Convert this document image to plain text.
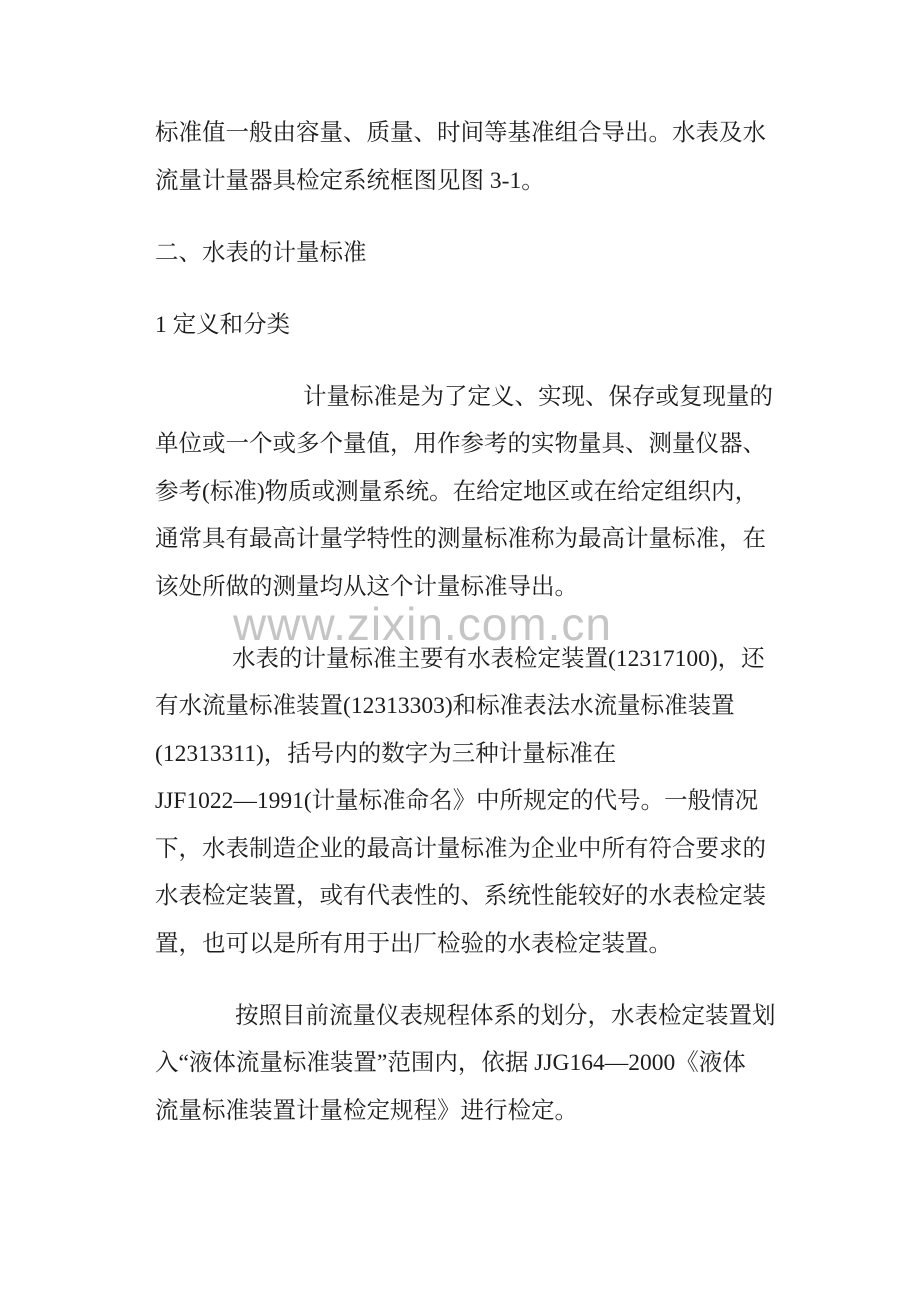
www.zixin.com.cn
标准值一般由容量、质量、时间等基准组合导出。水表及水
流量计量器具检定系统框图见图 3-1。
二、水表的计量标准
1 定义和分类
计量标准是为了定义、实现、保存或复现量的
单位或一个或多个量值，用作参考的实物量具、测量仪器、
参考(标准)物质或测量系统。在给定地区或在给定组织内，
通常具有最高计量学特性的测量标准称为最高计量标准，在
该处所做的测量均从这个计量标准导出。
水表的计量标准主要有水表检定装置(12317100)，还
有水流量标准装置(12313303)和标准表法水流量标准装置
(12313311)，括号内的数字为三种计量标准在
JJF1022—1991(计量标准命名》中所规定的代号。一般情况
下，水表制造企业的最高计量标准为企业中所有符合要求的
水表检定装置，或有代表性的、系统性能较好的水表检定装
置，也可以是所有用于出厂检验的水表检定装置。
按照目前流量仪表规程体系的划分，水表检定装置划
入“液体流量标准装置”范围内，依据 JJG164—2000《液体
流量标准装置计量检定规程》进行检定。
